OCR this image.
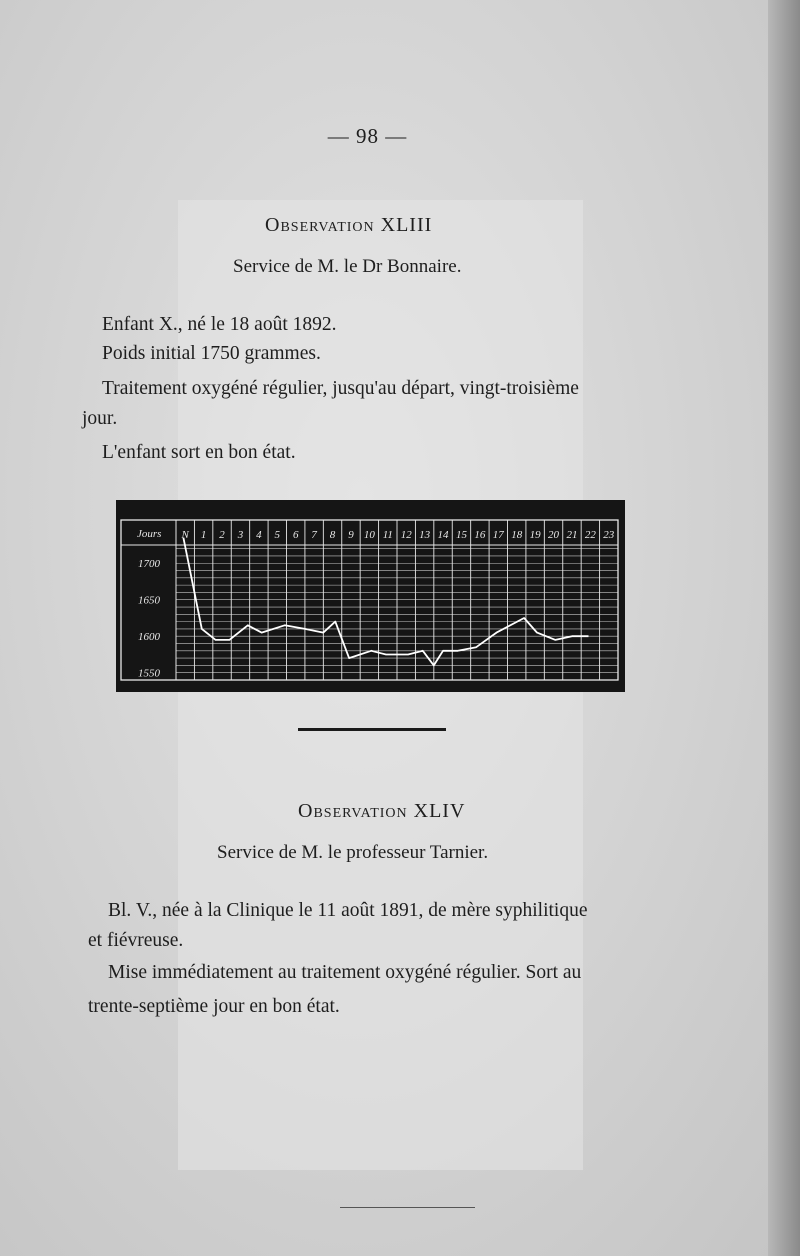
— 98 —
Observation XLIII
Service de M. le Dr Bonnaire.
Enfant X., né le 18 août 1892.
Poids initial 1750 grammes.
Traitement oxygéné régulier, jusqu'au départ, vingt-troisième
jour.
L'enfant sort en bon état.
Jours N 1 2 3 4 5 6 7 8 9 10 11 12 13 14 15 16 17 18 19 20 21 22 23
1700
1650
1600
1550
Observation XLIV
Service de M. le professeur Tarnier.
Bl. V., née à la Clinique le 11 août 1891, de mère syphilitique
et fiévreuse.
Mise immédiatement au traitement oxygéné régulier. Sort au
trente-septième jour en bon état.
